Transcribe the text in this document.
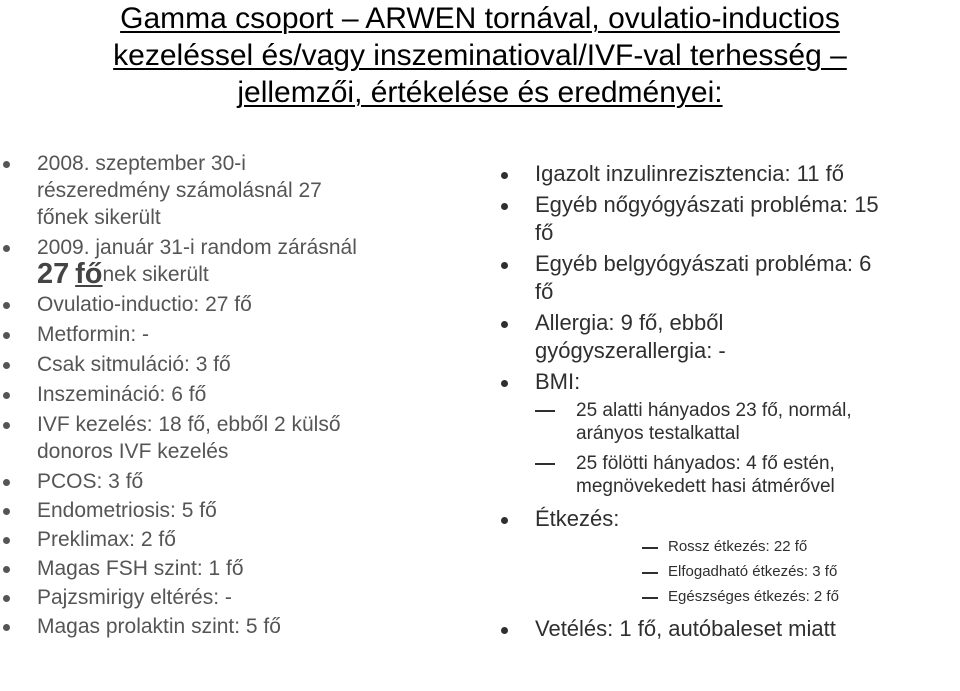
Gamma csoport – ARWEN tornával, ovulatio-inductios
kezeléssel és/vagy inszeminatioval/IVF-val terhesség –
jellemzői, értékelése és eredményei:
2008. szeptember 30-i
részeredmény számolásnál 27
főnek sikerült
2009. január 31-i random zárásnál
27 főnek sikerült
Ovulatio-inductio: 27 fő
Metformin: -
Csak sitmuláció: 3 fő
Inszemináció: 6 fő
IVF kezelés: 18 fő, ebből 2 külső
donoros IVF kezelés
PCOS: 3 fő
Endometriosis: 5 fő
Preklimax: 2 fő
Magas FSH szint: 1 fő
Pajzsmirigy eltérés: -
Magas prolaktin szint: 5 fő
Igazolt inzulinrezisztencia: 11 fő
Egyéb nőgyógyászati probléma: 15
fő
Egyéb belgyógyászati probléma: 6
fő
Allergia: 9 fő, ebből
gyógyszerallergia: -
BMI:
25 alatti hányados 23 fő, normál,
arányos testalkattal
25 fölötti hányados: 4 fő estén,
megnövekedett hasi átmérővel
Étkezés:
Rossz étkezés: 22 fő
Elfogadható étkezés: 3 fő
Egészséges étkezés: 2 fő
Vetélés: 1 fő, autóbaleset miatt
